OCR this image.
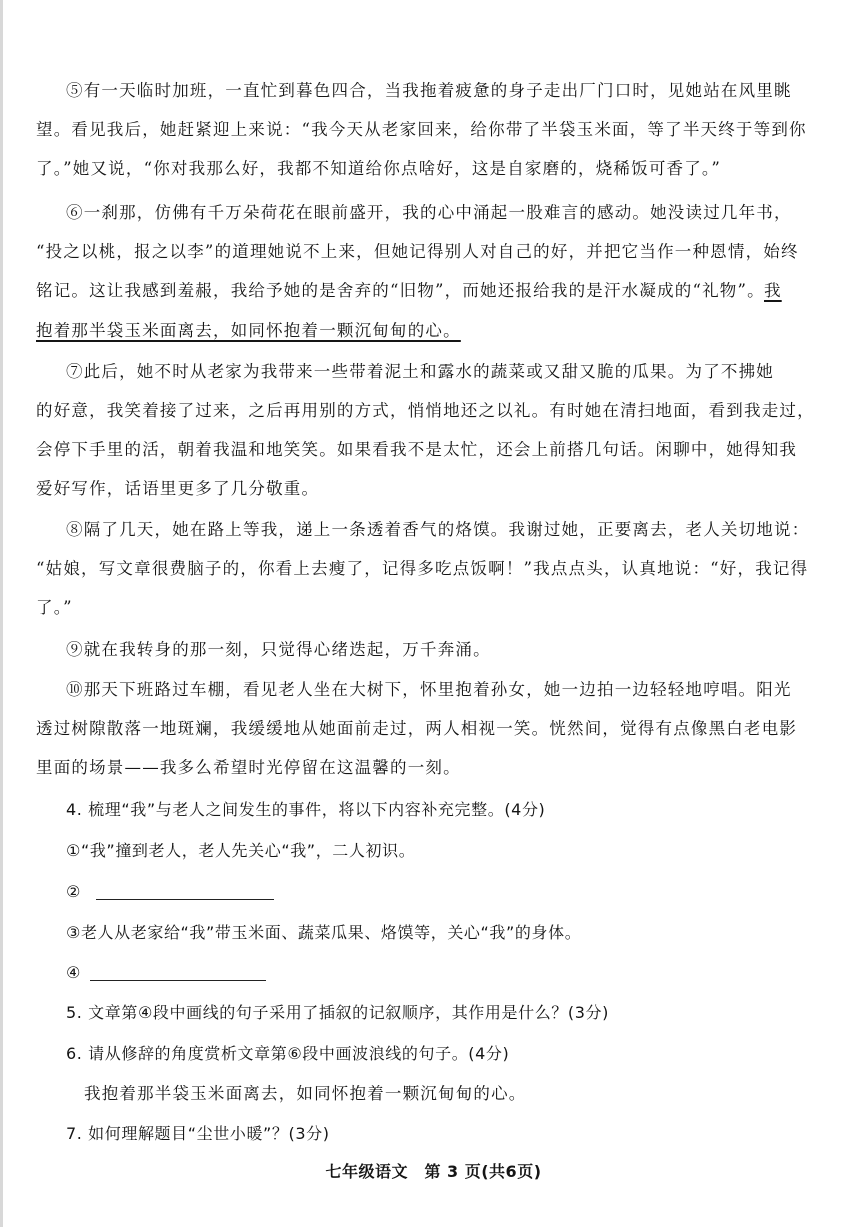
⑤有一天临时加班，一直忙到暮色四合，当我拖着疲惫的身子走出厂门口时，见她站在风里眺
望。看见我后，她赶紧迎上来说：“我今天从老家回来，给你带了半袋玉米面，等了半天终于等到你
了。”她又说，“你对我那么好，我都不知道给你点啥好，这是自家磨的，烧稀饭可香了。”
⑥一刹那，仿佛有千万朵荷花在眼前盛开，我的心中涌起一股难言的感动。她没读过几年书，
“投之以桃，报之以李”的道理她说不上来，但她记得别人对自己的好，并把它当作一种恩情，始终
铭记。这让我感到羞赧，我给予她的是舍弃的“旧物”，而她还报给我的是汗水凝成的“礼物”。 我
抱着那半袋玉米面离去，如同怀抱着一颗沉甸甸的心。
⑦此后，她不时从老家为我带来一些带着泥土和露水的蔬菜或又甜又脆的瓜果。为了不拂她
的好意，我笑着接了过来，之后再用别的方式，悄悄地还之以礼。有时她在清扫地面，看到我走过，
会停下手里的活，朝着我温和地笑笑。如果看我不是太忙，还会上前搭几句话。闲聊中，她得知我
爱好写作，话语里更多了几分敬重。
⑧隔了几天，她在路上等我，递上一条透着香气的烙馍。我谢过她，正要离去，老人关切地说：
“姑娘，写文章很费脑子的，你看上去瘦了，记得多吃点饭啊！”我点点头，认真地说：“好，我记得
了。”
⑨就在我转身的那一刻，只觉得心绪迭起，万千奔涌。
⑩那天下班路过车棚，看见老人坐在大树下，怀里抱着孙女，她一边拍一边轻轻地哼唱。阳光
透过树隙散落一地斑斓，我缓缓地从她面前走过，两人相视一笑。恍然间，觉得有点像黑白老电影
里面的场景——我多么希望时光停留在这温馨的一刻。
4. 梳理“我”与老人之间发生的事件，将以下内容补充完整。(4分)
①“我”撞到老人，老人先关心“我”，二人初识。
②
③老人从老家给“我”带玉米面、蔬菜瓜果、烙馍等，关心“我”的身体。
④
5. 文章第④段中画线的句子采用了插叙的记叙顺序，其作用是什么？(3分)
6. 请从修辞的角度赏析文章第⑥段中画波浪线的句子。(4分)
我抱着那半袋玉米面离去，如同怀抱着一颗沉甸甸的心。
7. 如何理解题目“尘世小暖”？(3分)
七年级语文　第 3 页(共6页)
